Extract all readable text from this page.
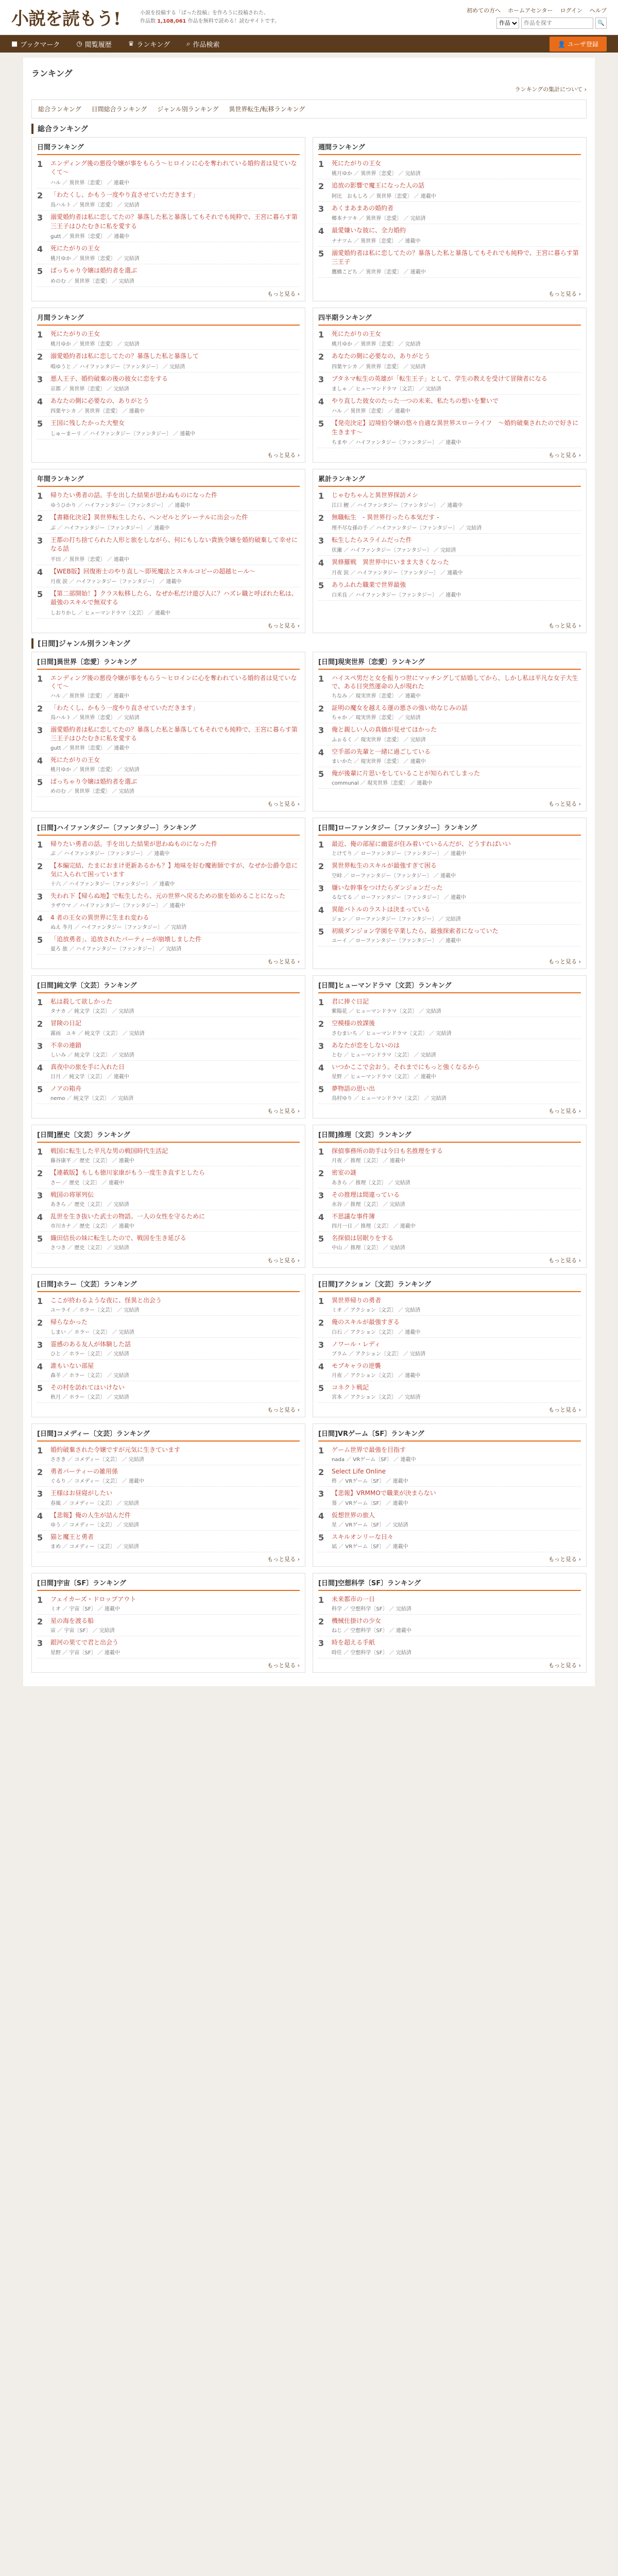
小説を読もう!	小説を投稿する「ばった投稿」を作ろうに投稿された、
作品数 1,108,061 作品を無料で読める！読むサイトです。
初めての方へ ホームアセンター ログイン ヘルプ
作品
作品を探す
🔍
■ ブックマーク ◷ 閲覧履歴 ♛ ランキング ⌕ 作品検索	👤 ユーザ登録
ランキング
ランキングの集計について ›
総合ランキング 日間総合ランキング ジャンル別ランキング 異世界転生/転移ランキング
総合ランキング
日間ランキング
1	エンディング後の悪役令嬢が事をもらう～ヒロインに心を奪われている婚約者は見ていなくて～
ハル ／ 異世界〔恋愛〕 ／ 連載中
2	「わたくし、かもう一度やり直させていただきます」
鳥ハルト ／ 異世界〔恋愛〕 ／ 完結済
3	溺愛婚約者は私に恋してたの？暴落した私と暴落してもそれでも純粋で、王宮に暮らす第三王子はひたむきに私を愛する
gutt ／ 異世界〔恋愛〕 ／ 連載中
4	死にたがりの王女
桃月ゆか ／ 異世界〔恋愛〕 ／ 完結済
5	ぱっちゃり令嬢は婚約者を選ぶ
めのむ ／ 異世界〔恋愛〕 ／ 完結済
もっと見る ›
週間ランキング
1	死にたがりの王女
桃月ゆか ／ 異世界〔恋愛〕 ／ 完結済
2	追放の影響で魔王になった人の話
阿比　おもしろ ／ 異世界〔恋愛〕 ／ 連載中
3	あくまあまあの婚約者
郷本ナツキ ／ 異世界〔恋愛〕 ／ 完結済
4	最愛嫌いな彼に、全力婚約
ナナツム ／ 異世界〔恋愛〕 ／ 連載中
5	溺愛婚約者は私に恋してたの？暴落した私と暴落してもそれでも純粋で、王宮に暮らす第三王子
鷹橋こどち ／ 異世界〔恋愛〕 ／ 連載中
もっと見る ›
月間ランキング
1	死にたがりの王女
桃月ゆか ／ 異世界〔恋愛〕 ／ 完結済
2	溺愛婚約者は私に恋してたの？暴落した私と暴落して
鳴ゆうと ／ ハイファンタジー〔ファンタジー〕 ／ 完結済
3	悪人王子、婚約破棄の後の彼女に恋をする
京都 ／ 異世界〔恋愛〕 ／ 完結済
4	あなたの側に必要なの、ありがとう
四葉ヤシカ ／ 異世界〔恋愛〕 ／ 連載中
5	王国に残したかった大聖女
しゅーまーリ ／ ハイファンタジー〔ファンタジー〕 ／ 連載中
もっと見る ›
四半期ランキング
1	死にたがりの王女
桃月ゆか ／ 異世界〔恋愛〕 ／ 完結済
2	あなたの側に必要なの、ありがとう
四葉ヤシカ ／ 異世界〔恋愛〕 ／ 完結済
3	ブタネマ転生の英雄が「転生王子」として、学生の教えを受けて冒険者になる
ましゃ ／ ヒューマンドラマ〔文芸〕 ／ 完結済
4	やり直した彼女のたった一つの未来、私たちの想いを繋いで
ハル ／ 異世界〔恋愛〕 ／ 連載中
5	【発売決定】辺境伯令嬢の悠々自適な異世界スローライフ　～婚約破棄されたので好きに生きます～
ちまや ／ ハイファンタジー〔ファンタジー〕 ／ 連載中
もっと見る ›
年間ランキング
1	帰りたい勇者の話。手を出した結果が思わぬものになった件
ゆうひかり ／ ハイファンタジー〔ファンタジー〕 ／ 連載中
2	【書籍化決定】異世界転生したら、ヘンゼルとグレーテルに出会った件
ぶ ／ ハイファンタジー〔ファンタジー〕 ／ 連載中
3	王都の打ち捨てられた人形と旅をしながら、何にもしない貴族令嬢を婚約破棄して幸せになる話
平田 ／ 異世界〔恋愛〕 ／ 連載中
4	【WEB版】回復術士のやり直し～即死魔法とスキルコピーの超越ヒール～
月夜 涙 ／ ハイファンタジー〔ファンタジー〕 ／ 連載中
5	【第二部開始！】クラス転移したら、なぜか私だけ遊び人に？ハズレ職と呼ばれた私は、最強のスキルで無双する
しおりかし ／ ヒューマンドラマ〔文芸〕 ／ 連載中
もっと見る ›
累計ランキング
1	じゃむちゃんと異世界探訪メシ
江口 鯉 ／ ハイファンタジー〔ファンタジー〕 ／ 連載中
2	無職転生　- 異世界行ったら本気だす -
理不尽な孫の手 ／ ハイファンタジー〔ファンタジー〕 ／ 完結済
3	転生したらスライムだった件
伏瀬 ／ ハイファンタジー〔ファンタジー〕 ／ 完結済
4	異修羅戦　異世界中にいまま大きくなった
月夜 涙 ／ ハイファンタジー〔ファンタジー〕 ／ 連載中
5	ありふれた職業で世界最強
白米良 ／ ハイファンタジー〔ファンタジー〕 ／ 連載中
もっと見る ›
[日間]ジャンル別ランキング
[日間]異世界〔恋愛〕ランキング
1	エンディング後の悪役令嬢が事をもらう～ヒロインに心を奪われている婚約者は見ていなくて～
ハル ／ 異世界〔恋愛〕 ／ 連載中
2	「わたくし、かもう一度やり直させていただきます」
鳥ハルト ／ 異世界〔恋愛〕 ／ 完結済
3	溺愛婚約者は私に恋してたの？暴落した私と暴落してもそれでも純粋で、王宮に暮らす第三王子はひたむきに私を愛する
gutt ／ 異世界〔恋愛〕 ／ 連載中
4	死にたがりの王女
桃月ゆか ／ 異世界〔恋愛〕 ／ 完結済
5	ぱっちゃり令嬢は婚約者を選ぶ
めのむ ／ 異世界〔恋愛〕 ／ 完結済
もっと見る ›
[日間]現実世界〔恋愛〕ランキング
1	ハイスペ男だと女を振りつ世にマッチングして結婚してから、しかし私は平凡な女子大生で、ある日突然運命の人が現れた
ちなみ ／ 現実世界〔恋愛〕 ／ 連載中
2	証明の魔女を越える運の悪さの強い幼なじみの話
ちゃか ／ 現実世界〔恋愛〕 ／ 完結済
3	俺と親しい人の真価が見せてほかった
ふぉるく ／ 現実世界〔恋愛〕 ／ 完結済
4	空手部の先輩と一緒に過ごしている
まいかた ／ 現実世界〔恋愛〕 ／ 連載中
5	俺が後輩に片思いをしていることが知られてしまった
communal ／ 現実世界〔恋愛〕 ／ 連載中
もっと見る ›
[日間]ハイファンタジー〔ファンタジー〕ランキング
1	帰りたい勇者の話。手を出した結果が思わぬものになった件
ぶ ／ ハイファンタジー〔ファンタジー〕 ／ 連載中
2	【本編完結、たまにおまけ更新あるかも？】地味を好む魔術師ですが、なぜか公爵令息に気に入られて困っています
十六 ／ ハイファンタジー〔ファンタジー〕 ／ 連載中
3	失われ下【帰らぬ地】で転生したら、元の世界へ戻るための旅を始めることになった
ラザウマ ／ ハイファンタジー〔ファンタジー〕 ／ 連載中
4	4 者の王女の異世界に生まれ変わる
ぬえ 冬月 ／ ハイファンタジー〔ファンタジー〕 ／ 完結済
5	「追放勇者」、追放されたパーティーが崩壊しました件
夏ろ 旅 ／ ハイファンタジー〔ファンタジー〕 ／ 完結済
もっと見る ›
[日間]ローファンタジー〔ファンタジー〕ランキング
1	最近、俺の部屋に幽霊が住み着いているんだが、どうすればいい
とけてり ／ ローファンタジー〔ファンタジー〕 ／ 連載中
2	異世界転生のスキルが最強すぎて困る
空峠 ／ ローファンタジー〔ファンタジー〕 ／ 連載中
3	嫌いな幹事をつけたらダンジョンだった
るなてる ／ ローファンタジー〔ファンタジー〕 ／ 連載中
4	異能バトルのラストは決まっている
ジョン ／ ローファンタジー〔ファンタジー〕 ／ 完結済
5	初級ダンジョン学園を卒業したら、最強探索者になっていた
ユーイ ／ ローファンタジー〔ファンタジー〕 ／ 連載中
もっと見る ›
[日間]純文学〔文芸〕ランキング
1	私は殺して欲しかった
タナカ ／ 純文学〔文芸〕 ／ 完結済
2	冒険の日記
霧雨　ユキ ／ 純文学〔文芸〕 ／ 完結済
3	不幸の連鎖
しいみ ／ 純文学〔文芸〕 ／ 完結済
4	真夜中の旅を手に入れた日
日月 ／ 純文学〔文芸〕 ／ 連載中
5	ノアの箱舟
nemo ／ 純文学〔文芸〕 ／ 完結済
もっと見る ›
[日間]ヒューマンドラマ〔文芸〕ランキング
1	君に捧ぐ日記
紫陽花 ／ ヒューマンドラマ〔文芸〕 ／ 完結済
2	空模様の放課後
さむまいち ／ ヒューマンドラマ〔文芸〕 ／ 完結済
3	あなたが恋をしないのは
とむ ／ ヒューマンドラマ〔文芸〕 ／ 完結済
4	いつかここで会おう。それまでにもっと強くなるから
星野 ／ ヒューマンドラマ〔文芸〕 ／ 連載中
5	夢物語の思い出
鳥村ゆり ／ ヒューマンドラマ〔文芸〕 ／ 完結済
もっと見る ›
[日間]歴史〔文芸〕ランキング
1	戦国に転生した平凡な男の戦国時代生活記
藤谷康平 ／ 歴史〔文芸〕 ／ 連載中
2	【連載版】もしも徳川家康がもう一度生き直すとしたら
さー ／ 歴史〔文芸〕 ／ 連載中
3	戦国の将軍列伝
あきら ／ 歴史〔文芸〕 ／ 完結済
4	乱世を生き抜いた武士の物語。一人の女性を守るために
市川カナ ／ 歴史〔文芸〕 ／ 連載中
5	織田信長の妹に転生したので、戦国を生き延びる
さつき ／ 歴史〔文芸〕 ／ 完結済
もっと見る ›
[日間]推理〔文芸〕ランキング
1	探偵事務所の助手は今日も名推理をする
月夜 ／ 推理〔文芸〕 ／ 連載中
2	密室の謎
あきら ／ 推理〔文芸〕 ／ 完結済
3	その推理は間違っている
水谷 ／ 推理〔文芸〕 ／ 完結済
4	不思議な事件簿
四月一日 ／ 推理〔文芸〕 ／ 連載中
5	名探偵は居眠りをする
中山 ／ 推理〔文芸〕 ／ 完結済
もっと見る ›
[日間]ホラー〔文芸〕ランキング
1	ここが終わるような夜に、怪異と出会う
ユーライ ／ ホラー〔文芸〕 ／ 完結済
2	帰らなかった
しまい ／ ホラー〔文芸〕 ／ 完結済
3	霊感のある友人が体験した話
ひと ／ ホラー〔文芸〕 ／ 完結済
4	誰もいない部屋
森羊 ／ ホラー〔文芸〕 ／ 完結済
5	その村を訪れてはいけない
秋月 ／ ホラー〔文芸〕 ／ 完結済
もっと見る ›
[日間]アクション〔文芸〕ランキング
1	異世界帰りの勇者
ミオ ／ アクション〔文芸〕 ／ 完結済
2	俺のスキルが最強すぎる
白石 ／ アクション〔文芸〕 ／ 連載中
3	ノワール・レディ
ブラム ／ アクション〔文芸〕 ／ 完結済
4	モブキャラの逆襲
月夜 ／ アクション〔文芸〕 ／ 連載中
5	コネクト戦記
宮本 ／ アクション〔文芸〕 ／ 完結済
もっと見る ›
[日間]コメディー〔文芸〕ランキング
1	婚約破棄された令嬢ですが元気に生きています
ささき ／ コメディー〔文芸〕 ／ 完結済
2	勇者パーティーの雑用係
ぐるり ／ コメディー〔文芸〕 ／ 連載中
3	王様はお昼寝がしたい
春風 ／ コメディー〔文芸〕 ／ 完結済
4	【悲報】俺の人生が詰んだ件
ゆう ／ コメディー〔文芸〕 ／ 完結済
5	猫と魔王と勇者
まめ ／ コメディー〔文芸〕 ／ 完結済
もっと見る ›
[日間]VRゲーム〔SF〕ランキング
1	ゲーム世界で最強を目指す
nada ／ VRゲーム〔SF〕 ／ 連載中
2	Select Life Online
柊 ／ VRゲーム〔SF〕 ／ 連載中
3	【悲報】VRMMOで職業が決まらない
葵 ／ VRゲーム〔SF〕 ／ 連載中
4	仮想世界の旅人
星 ／ VRゲーム〔SF〕 ／ 完結済
5	スキルオンリーな日々
凪 ／ VRゲーム〔SF〕 ／ 連載中
もっと見る ›
[日間]宇宙〔SF〕ランキング
1	フェイカーズ・ドロップアウト
ミオ ／ 宇宙〔SF〕 ／ 連載中
2	星の海を渡る船
宙 ／ 宇宙〔SF〕 ／ 完結済
3	銀河の果てで君と出会う
星野 ／ 宇宙〔SF〕 ／ 連載中
もっと見る ›
[日間]空想科学〔SF〕ランキング
1	未来都市の一日
科学 ／ 空想科学〔SF〕 ／ 完結済
2	機械仕掛けの少女
ねじ ／ 空想科学〔SF〕 ／ 連載中
3	時を超える手紙
時任 ／ 空想科学〔SF〕 ／ 完結済
もっと見る ›
